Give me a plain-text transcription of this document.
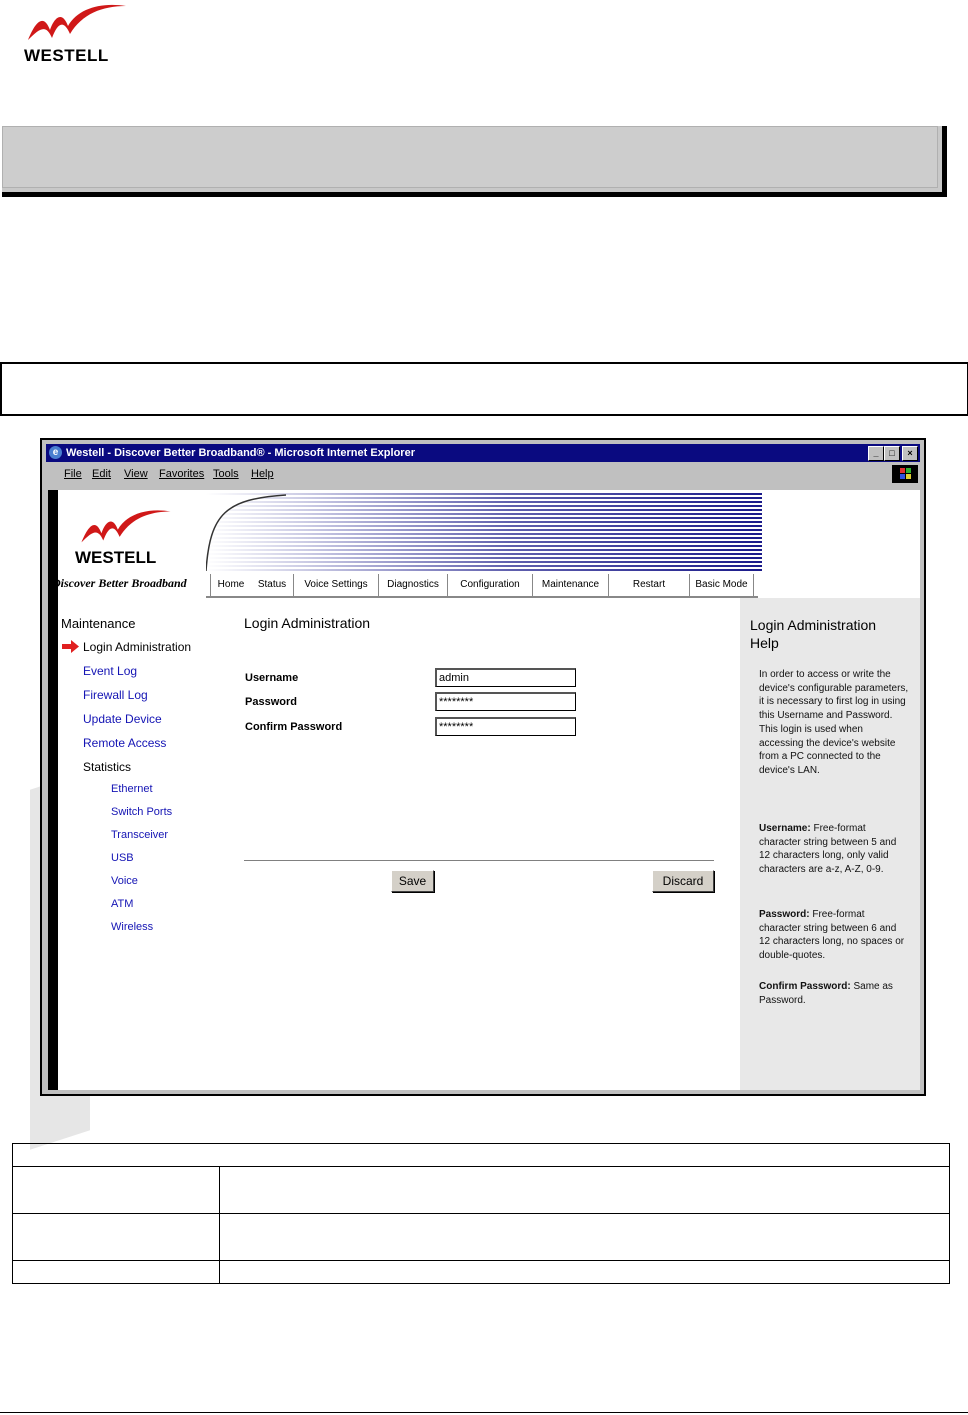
WESTELL
e Westell - Discover Better Broadband® - Microsoft Internet Explorer	_	□	×
File Edit View Favorites Tools Help
WESTELL
Discover Better Broadband	Home	Status	Voice Settings	Diagnostics	Configuration	Maintenance	Restart	Basic Mode
Maintenance
Login Administration
Event Log
Firewall Log
Update Device
Remote Access
Statistics
Ethernet
Switch Ports
Transceiver
USB
Voice
ATM
Wireless
Login Administration
Username	admin
Password	********
Confirm Password	********
Save	Discard
Login Administration
Help
In order to access or write the device's configurable parameters, it is necessary to first log in using this Username and Password. This login is used when accessing the device's website from a PC connected to the device's LAN.
Username: Free-format character string between 5 and 12 characters long, only valid characters are a-z, A-Z, 0-9.
Password: Free-format character string between 6 and 12 characters long, no spaces or double-quotes.
Confirm Password: Same as Password.
